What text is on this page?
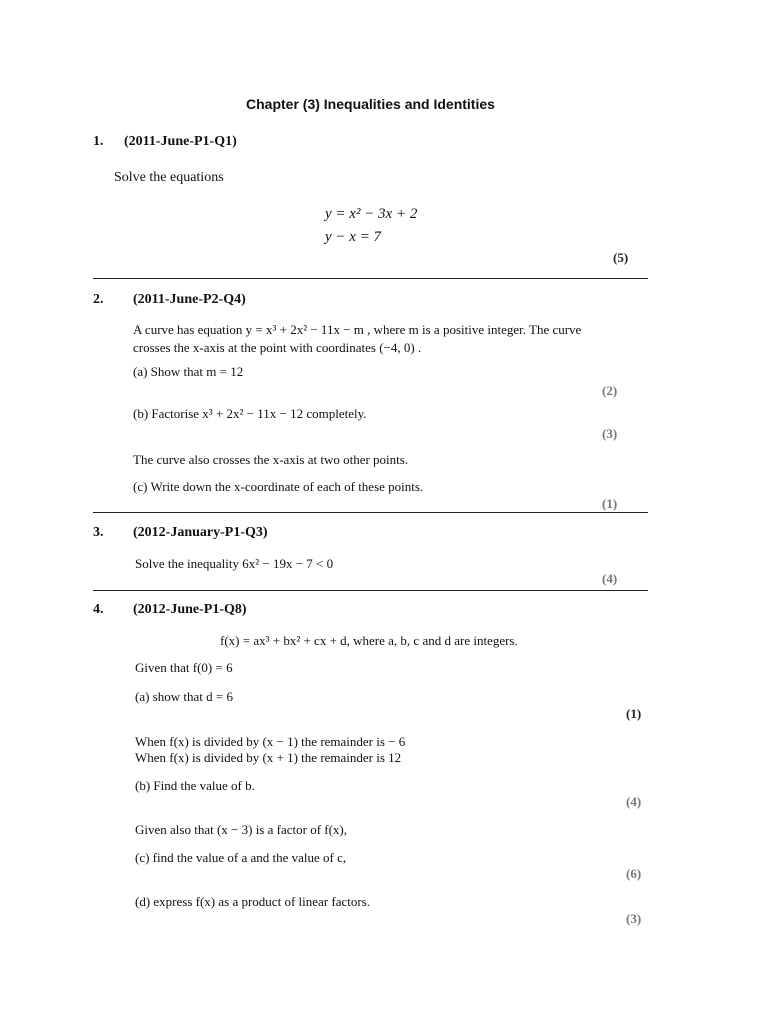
Chapter (3) Inequalities and Identities
1. (2011-June-P1-Q1)
Solve the equations
y = x² − 3x + 2
y − x = 7
(5)
2. (2011-June-P2-Q4)
A curve has equation y = x³ + 2x² − 11x − m , where m is a positive integer. The curve
crosses the x-axis at the point with coordinates (−4, 0) .
(a) Show that m = 12
(2)
(b) Factorise x³ + 2x² − 11x − 12 completely.
(3)
The curve also crosses the x-axis at two other points.
(c) Write down the x-coordinate of each of these points.
(1)
3. (2012-January-P1-Q3)
Solve the inequality 6x² − 19x − 7 < 0
(4)
4. (2012-June-P1-Q8)
f(x) = ax³ + bx² + cx + d, where a, b, c and d are integers.
Given that f(0) = 6
(a) show that d = 6
(1)
When f(x) is divided by (x − 1) the remainder is − 6
When f(x) is divided by (x + 1) the remainder is 12
(b) Find the value of b.
(4)
Given also that (x − 3) is a factor of f(x),
(c) find the value of a and the value of c,
(6)
(d) express f(x) as a product of linear factors.
(3)
